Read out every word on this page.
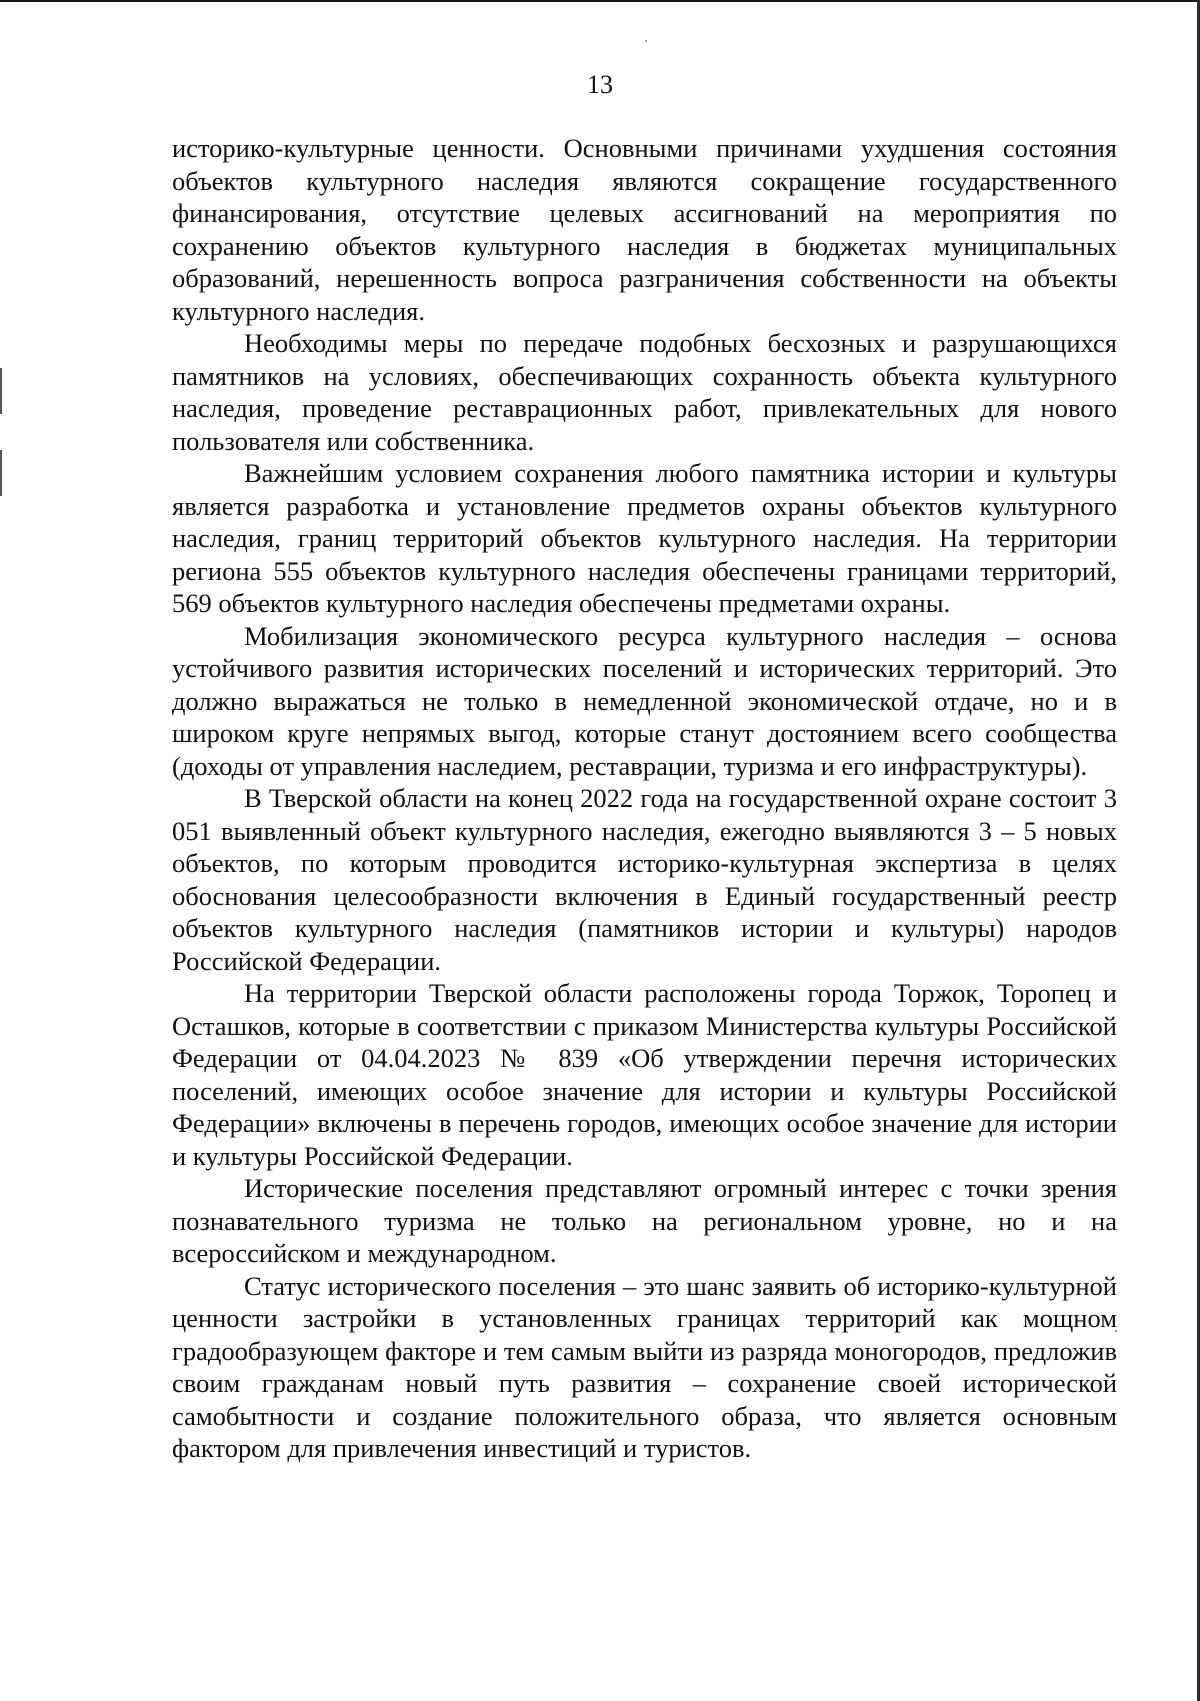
13

историко-культурные ценности. Основными причинами ухудшения состояния объектов культурного наследия являются сокращение государственного финансирования, отсутствие целевых ассигнований на мероприятия по сохранению объектов культурного наследия в бюджетах муниципальных образований, нерешенность вопроса разграничения собственности на объекты культурного наследия.

Необходимы меры по передаче подобных бесхозных и разрушающихся памятников на условиях, обеспечивающих сохранность объекта культурного наследия, проведение реставрационных работ, привлекательных для нового пользователя или собственника.

Важнейшим условием сохранения любого памятника истории и культуры является разработка и установление предметов охраны объектов культурного наследия, границ территорий объектов культурного наследия. На территории региона 555 объектов культурного наследия обеспечены границами территорий, 569 объектов культурного наследия обеспечены предметами охраны.

Мобилизация экономического ресурса культурного наследия – основа устойчивого развития исторических поселений и исторических территорий. Это должно выражаться не только в немедленной экономической отдаче, но и в широком круге непрямых выгод, которые станут достоянием всего сообщества (доходы от управления наследием, реставрации, туризма и его инфраструктуры).

В Тверской области на конец 2022 года на государственной охране состоит 3 051 выявленный объект культурного наследия, ежегодно выявляются 3 – 5 новых объектов, по которым проводится историко-культурная экспертиза в целях обоснования целесообразности включения в Единый государственный реестр объектов культурного наследия (памятников истории и культуры) народов Российской Федерации.

На территории Тверской области расположены города Торжок, Торопец и Осташков, которые в соответствии с приказом Министерства культуры Российской Федерации от 04.04.2023 № 839 «Об утверждении перечня исторических поселений, имеющих особое значение для истории и культуры Российской Федерации» включены в перечень городов, имеющих особое значение для истории и культуры Российской Федерации.

Исторические поселения представляют огромный интерес с точки зрения познавательного туризма не только на региональном уровне, но и на всероссийском и международном.

Статус исторического поселения – это шанс заявить об историко-культурной ценности застройки в установленных границах территорий как мощном градообразующем факторе и тем самым выйти из разряда моногородов, предложив своим гражданам новый путь развития – сохранение своей исторической самобытности и создание положительного образа, что является основным фактором для привлечения инвестиций и туристов.
